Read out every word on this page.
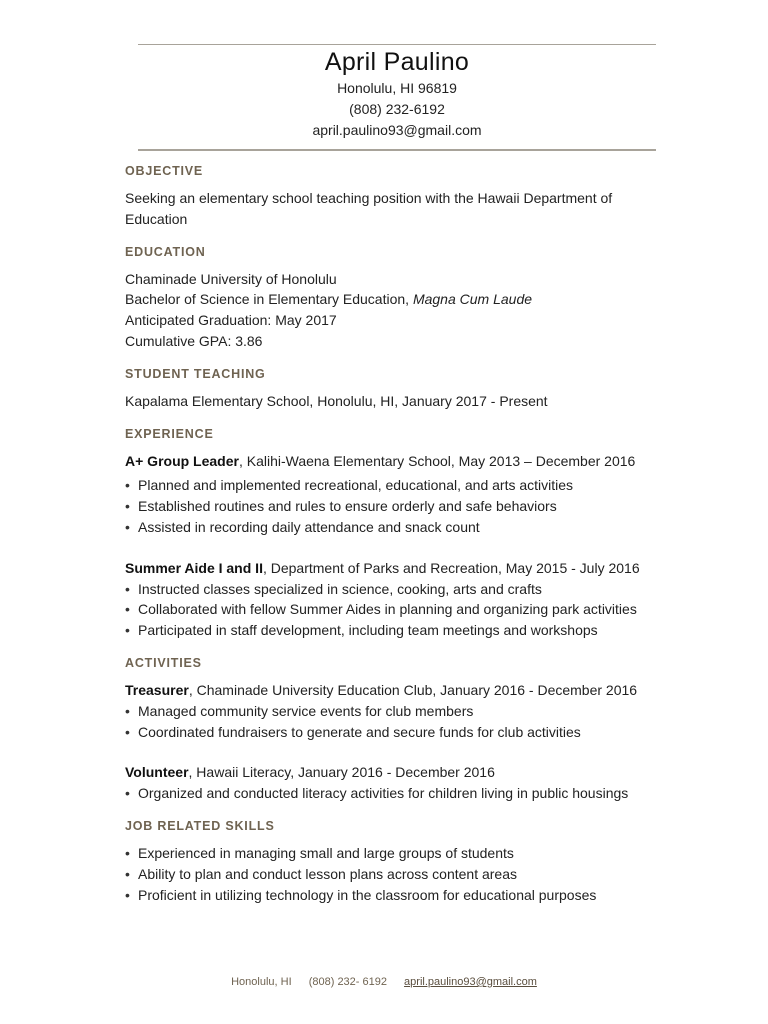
April Paulino
Honolulu, HI 96819
(808) 232-6192
april.paulino93@gmail.com
OBJECTIVE
Seeking an elementary school teaching position with the Hawaii Department of
Education
EDUCATION
Chaminade University of Honolulu
Bachelor of Science in Elementary Education, Magna Cum Laude
Anticipated Graduation: May 2017
Cumulative GPA: 3.86
STUDENT TEACHING
Kapalama Elementary School, Honolulu, HI, January 2017 - Present
EXPERIENCE
A+ Group Leader, Kalihi-Waena Elementary School, May 2013 – December 2016
• Planned and implemented recreational, educational, and arts activities
• Established routines and rules to ensure orderly and safe behaviors
• Assisted in recording daily attendance and snack count
Summer Aide I and II, Department of Parks and Recreation, May 2015 - July 2016
• Instructed classes specialized in science, cooking, arts and crafts
• Collaborated with fellow Summer Aides in planning and organizing park activities
• Participated in staff development, including team meetings and workshops
ACTIVITIES
Treasurer, Chaminade University Education Club, January 2016 - December 2016
• Managed community service events for club members
• Coordinated fundraisers to generate and secure funds for club activities
Volunteer, Hawaii Literacy, January 2016 - December 2016
• Organized and conducted literacy activities for children living in public housings
JOB RELATED SKILLS
• Experienced in managing small and large groups of students
• Ability to plan and conduct lesson plans across content areas
• Proficient in utilizing technology in the classroom for educational purposes
Honolulu, HI (808) 232- 6192 april.paulino93@gmail.com
